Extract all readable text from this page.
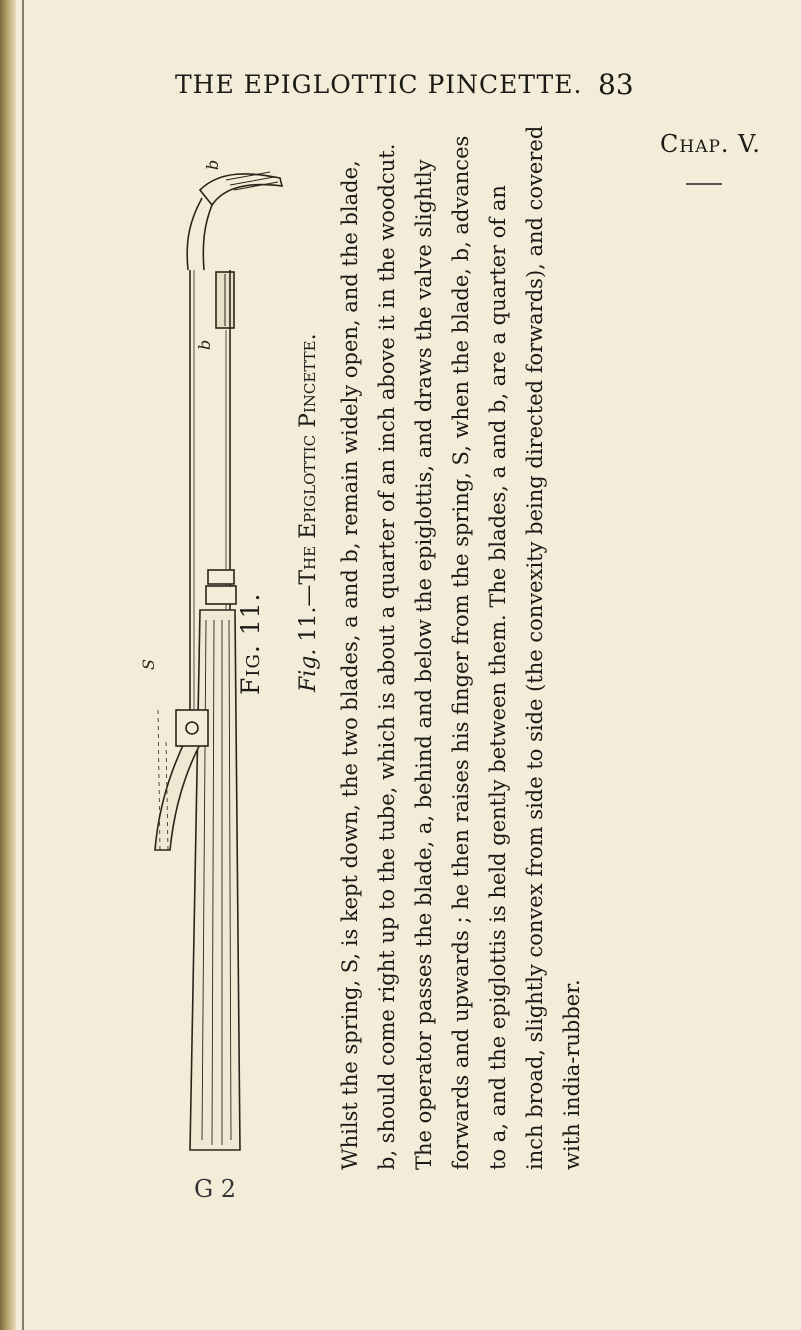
THE EPIGLOTTIC PINCETTE. 83
Chap. V.
b
b
S	Fig. 11. Fig. 11.—The Epiglottic Pincette. Whilst the spring, S, is kept down, the two blades, a and b, remain widely open, and the blade, b, should come right up to the tube, which is about a quarter of an inch above it in the woodcut. The operator passes the blade, a, behind and below the epiglottis, and draws the valve slightly forwards and upwards ; he then raises his finger from the spring, S, when the blade, b, advances to a, and the epiglottis is held gently between them. The blades, a and b, are a quarter of an inch broad, slightly convex from side to side (the convexity being directed forwards), and covered with india-rubber.
G 2
